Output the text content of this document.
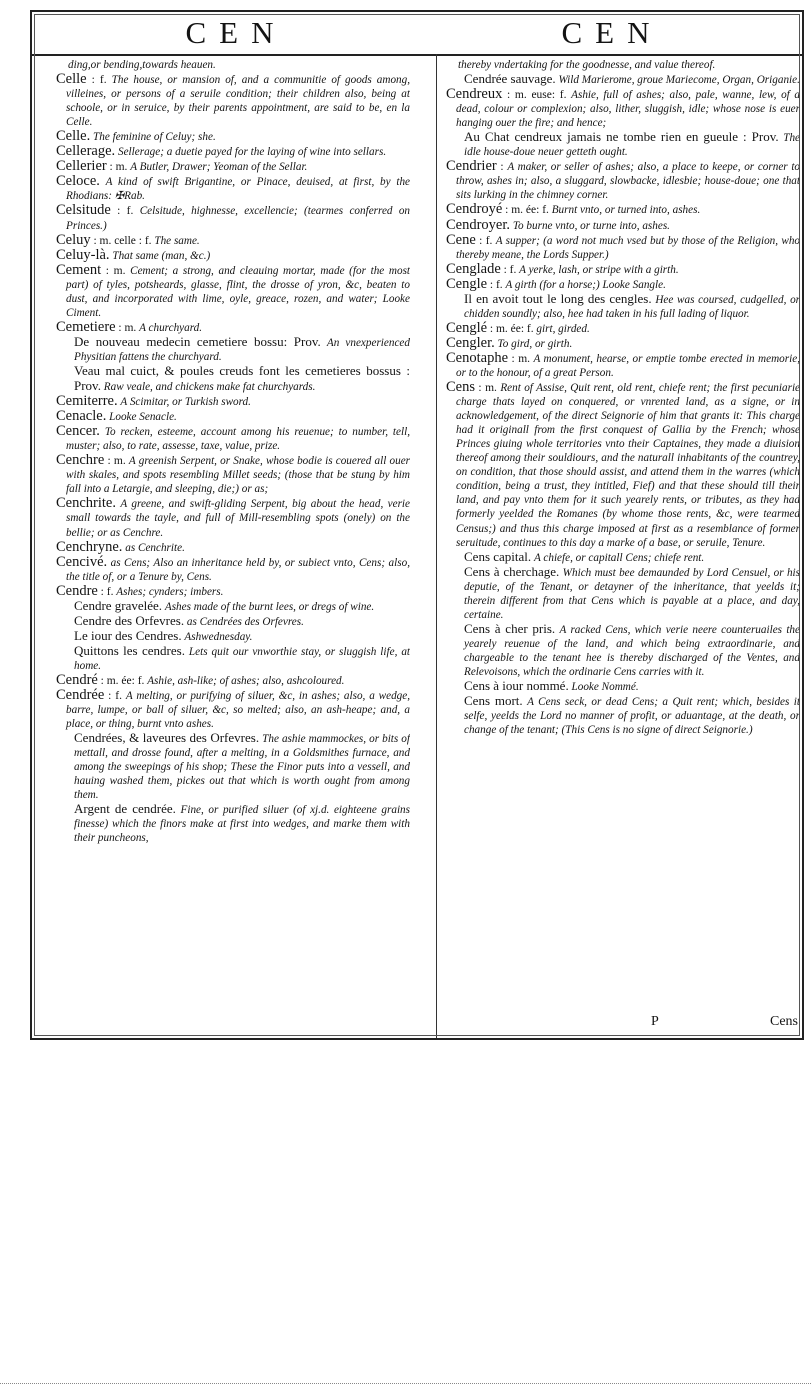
CEN	CEN

ding,or bending,towards heauen.

Celle : f. The house, or mansion of, and a communitie of goods among, villeines, or persons of a seruile condition; their children also, being at schoole, or in seruice, by their parents appointment, are said to be, en la Celle.

Celle. The feminine of Celuy; she.

Cellerage. Sellerage; a duetie payed for the laying of wine into sellars.

Cellerier : m. A Butler, Drawer; Yeoman of the Sellar.

Celoce. A kind of swift Brigantine, or Pinace, deuised, at first, by the Rhodians: ✠Rab.

Celsitude : f. Celsitude, highnesse, excellencie; (tearmes conferred on Princes.)

Celuy : m. celle : f. The same.

Celuy-là. That same (man, &c.)

Cement : m. Cement; a strong, and cleauing mortar, made (for the most part) of tyles, potsheards, glasse, flint, the drosse of yron, &c, beaten to dust, and incorporated with lime, oyle, greace, rozen, and water; Looke Ciment.

Cemetiere : m. A churchyard.

De nouveau medecin cemetiere bossu: Prov. An vnexperienced Physitian fattens the churchyard.

Veau mal cuict, & poules creuds font les cemetieres bossus : Prov. Raw veale, and chickens make fat churchyards.

Cemiterre. A Scimitar, or Turkish sword.

Cenacle. Looke Senacle.

Cencer. To recken, esteeme, account among his reuenue; to number, tell, muster; also, to rate, assesse, taxe, value, prize.

Cenchre : m. A greenish Serpent, or Snake, whose bodie is couered all ouer with skales, and spots resembling Millet seeds; (those that be stung by him fall into a Letargie, and sleeping, die;) or as;

Cenchrite. A greene, and swift-gliding Serpent, big about the head, verie small towards the tayle, and full of Mill-resembling spots (onely) on the bellie; or as Cenchre.

Cenchryne. as Cenchrite.

Cencivé. as Cens; Also an inheritance held by, or subiect vnto, Cens; also, the title of, or a Tenure by, Cens.

Cendre : f. Ashes; cynders; imbers.

Cendre gravelée. Ashes made of the burnt lees, or dregs of wine.

Cendre des Orfevres. as Cendrées des Orfevres.

Le iour des Cendres. Ashwednesday.

Quittons les cendres. Lets quit our vnworthie stay, or sluggish life, at home.

Cendré : m. ée: f. Ashie, ash-like; of ashes; also, ashcoloured.

Cendrée : f. A melting, or purifying of siluer, &c, in ashes; also, a wedge, barre, lumpe, or ball of siluer, &c, so melted; also, an ash-heape; and, a place, or thing, burnt vnto ashes.

Cendrées, & laveures des Orfevres. The ashie mammockes, or bits of mettall, and drosse found, after a melting, in a Goldsmithes furnace, and among the sweepings of his shop; These the Finor puts into a vessell, and hauing washed them, pickes out that which is worth ought from among them.

Argent de cendrée. Fine, or purified siluer (of xj.d. eighteene grains finesse) which the finors make at first into wedges, and marke them with their puncheons,

thereby vndertaking for the goodnesse, and value thereof.

Cendrée sauvage. Wild Marierome, groue Mariecome, Organ, Origanie.

Cendreux : m. euse: f. Ashie, full of ashes; also, pale, wanne, lew, of a dead, colour or complexion; also, lither, sluggish, idle; whose nose is euer hanging ouer the fire; and hence;

Au Chat cendreux jamais ne tombe rien en gueule : Prov. The idle house-doue neuer getteth ought.

Cendrier : A maker, or seller of ashes; also, a place to keepe, or corner to throw, ashes in; also, a sluggard, slowbacke, idlesbie; house-doue; one that sits lurking in the chimney corner.

Cendroyé : m. ée: f. Burnt vnto, or turned into, ashes.

Cendroyer. To burne vnto, or turne into, ashes.

Cene : f. A supper; (a word not much vsed but by those of the Religion, who thereby meane, the Lords Supper.)

Cenglade : f. A yerke, lash, or stripe with a girth.

Cengle : f. A girth (for a horse;) Looke Sangle.

Il en avoit tout le long des cengles. Hee was coursed, cudgelled, or chidden soundly; also, hee had taken in his full lading of liquor.

Cenglé : m. ée: f. girt, girded.

Cengler. To gird, or girth.

Cenotaphe : m. A monument, hearse, or emptie tombe erected in memorie, or to the honour, of a great Person.

Cens : m. Rent of Assise, Quit rent, old rent, chiefe rent; the first pecuniarie charge thats layed on conquered, or vnrented land, as a signe, or in acknowledgement, of the direct Seignorie of him that grants it: This charge had it originall from the first conquest of Gallia by the French; whose Princes giuing whole territories vnto their Captaines, they made a diuision thereof among their souldiours, and the naturall inhabitants of the countrey, on condition, that those should assist, and attend them in the warres (which condition, being a trust, they intitled, Fief) and that these should till their land, and pay vnto them for it such yearely rents, or tributes, as they had formerly yeelded the Romanes (by whome those rents, &c, were tearmed Census;) and thus this charge imposed at first as a resemblance of former seruitude, continues to this day a marke of a base, or seruile, Tenure.

Cens capital. A chiefe, or capitall Cens; chiefe rent.

Cens à cherchage. Which must bee demaunded by Lord Censuel, or his deputie, of the Tenant, or detayner of the inheritance, that yeelds it; therein different from that Cens which is payable at a place, and day, certaine.

Cens à cher pris. A racked Cens, which verie neere counteruailes the yearely reuenue of the land, and which being extraordinarie, and chargeable to the tenant hee is thereby discharged of the Ventes, and Relevoisons, which the ordinarie Cens carries with it.

Cens à iour nommé. Looke Nommé.

Cens mort. A Cens seck, or dead Cens; a Quit rent; which, besides it selfe, yeelds the Lord no manner of profit, or aduantage, at the death, or change of the tenant; (This Cens is no signe of direct Seignorie.)

P	Cens
